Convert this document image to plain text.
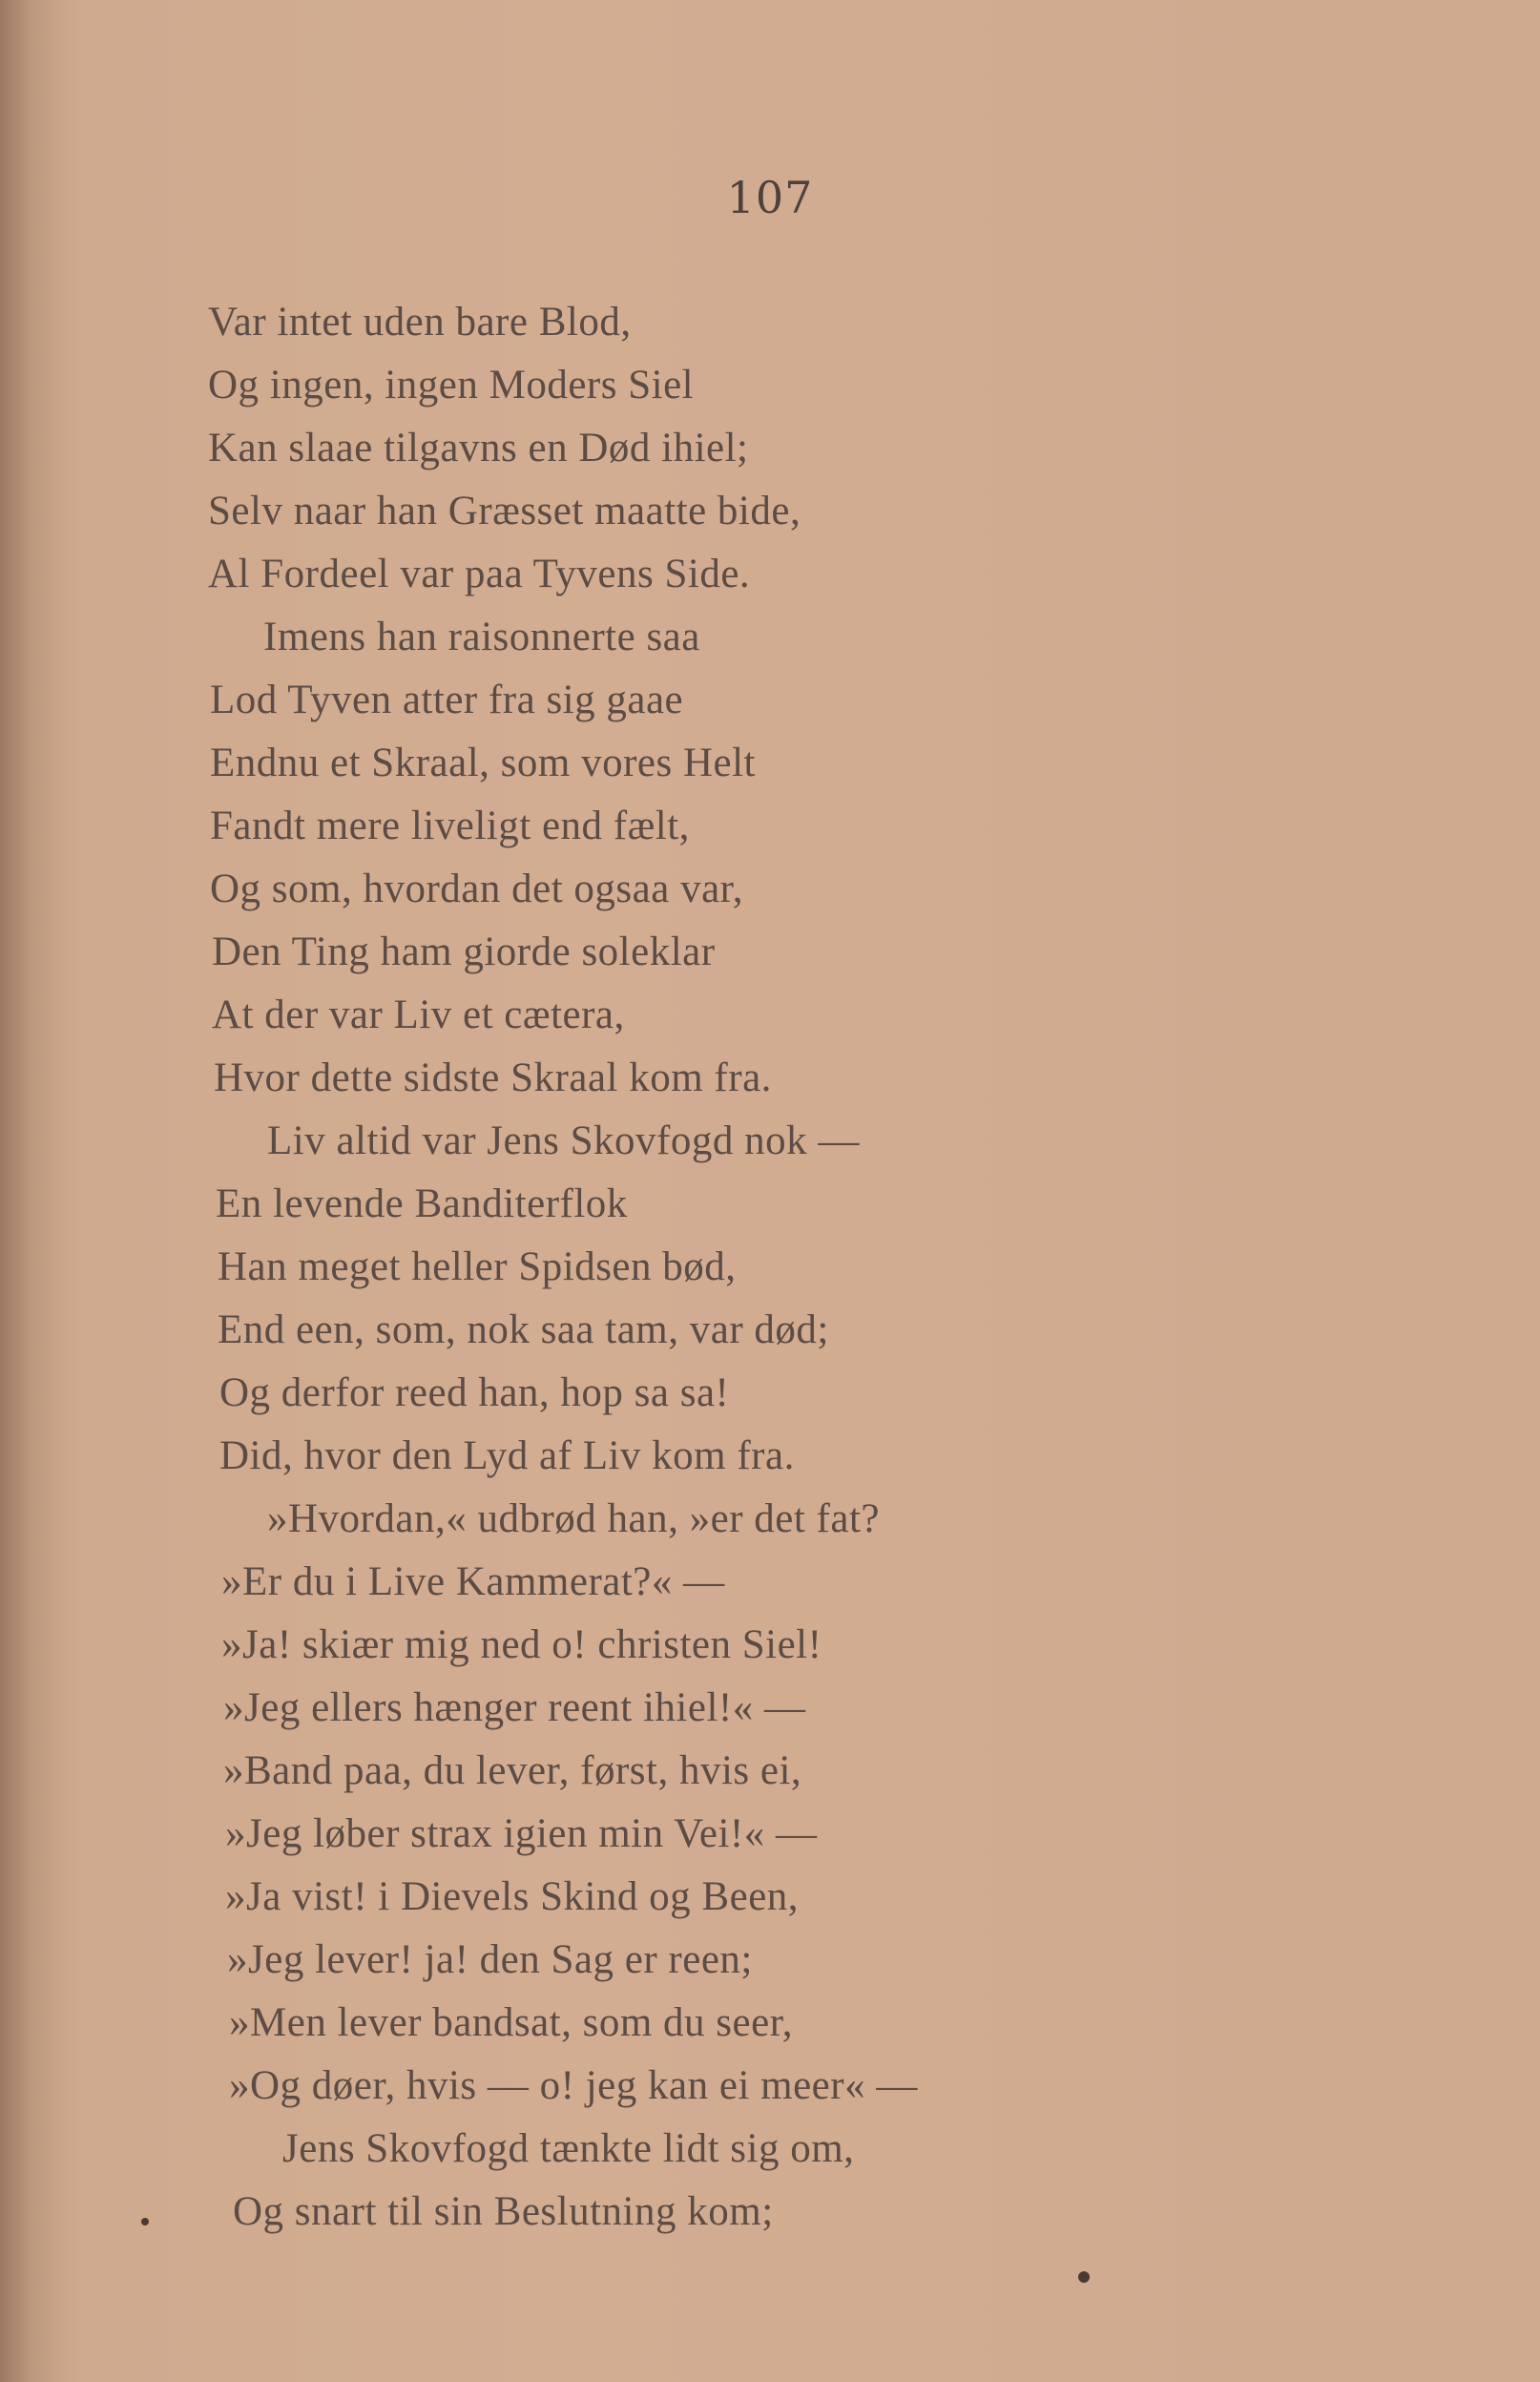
107
Var intet uden bare Blod,
Og ingen, ingen Moders Siel
Kan slaae tilgavns en Død ihiel;
Selv naar han Græsset maatte bide,
Al Fordeel var paa Tyvens Side.
Imens han raisonnerte saa
Lod Tyven atter fra sig gaae
Endnu et Skraal, som vores Helt
Fandt mere liveligt end fælt,
Og som, hvordan det ogsaa var,
Den Ting ham giorde soleklar
At der var Liv et cætera,
Hvor dette sidste Skraal kom fra.
Liv altid var Jens Skovfogd nok —
En levende Banditerflok
Han meget heller Spidsen bød,
End een, som, nok saa tam, var død;
Og derfor reed han, hop sa sa!
Did, hvor den Lyd af Liv kom fra.
»Hvordan,« udbrød han, »er det fat?
»Er du i Live Kammerat?« —
»Ja! skiær mig ned o! christen Siel!
»Jeg ellers hænger reent ihiel!« —
»Band paa, du lever, først, hvis ei,
»Jeg løber strax igien min Vei!« —
»Ja vist! i Dievels Skind og Been,
»Jeg lever! ja! den Sag er reen;
»Men lever bandsat, som du seer,
»Og døer, hvis — o! jeg kan ei meer« —
Jens Skovfogd tænkte lidt sig om,
Og snart til sin Beslutning kom;
